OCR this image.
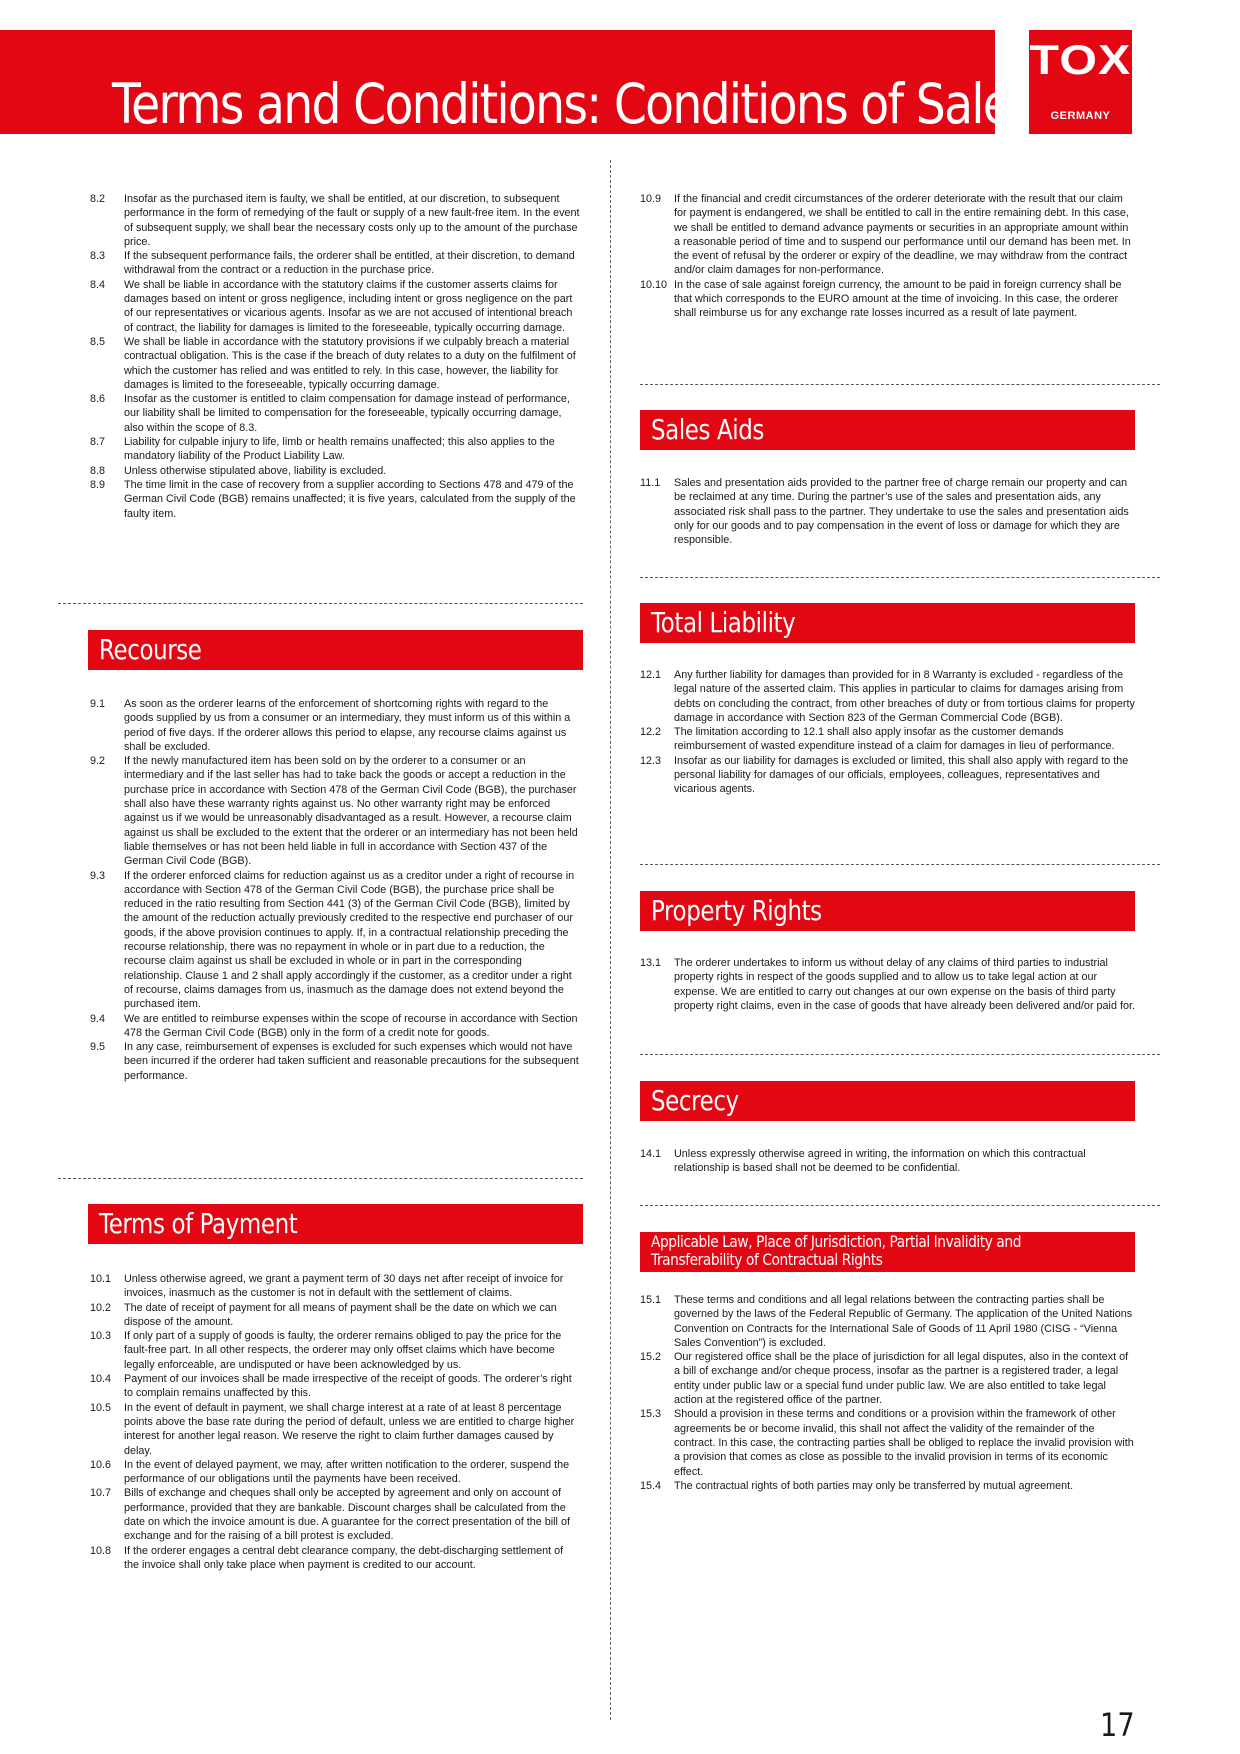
Terms and Conditions: Conditions of Sale
TOX
GERMANY
8.2	Insofar as the purchased item is faulty, we shall be entitled, at our discretion, to subsequent performance in the form of remedying of the fault or supply of a new fault-free item. In the event of subsequent supply, we shall bear the necessary costs only up to the amount of the purchase price.
8.3	If the subsequent performance fails, the orderer shall be entitled, at their discretion, to demand withdrawal from the contract or a reduction in the purchase price.
8.4	We shall be liable in accordance with the statutory claims if the customer asserts claims for damages based on intent or gross negligence, including intent or gross negligence on the part of our representatives or vicarious agents. Insofar as we are not accused of intentional breach of contract, the liability for damages is limited to the foreseeable, typically occurring damage.
8.5	We shall be liable in accordance with the statutory provisions if we culpably breach a material contractual obligation. This is the case if the breach of duty relates to a duty on the fulfilment of which the customer has relied and was entitled to rely. In this case, however, the liability for damages is limited to the foreseeable, typically occurring damage.
8.6	Insofar as the customer is entitled to claim compensation for damage instead of performance, our liability shall be limited to compensation for the foreseeable, typically occurring damage, also within the scope of 8.3.
8.7	Liability for culpable injury to life, limb or health remains unaffected; this also applies to the mandatory liability of the Product Liability Law.
8.8	Unless otherwise stipulated above, liability is excluded.
8.9	The time limit in the case of recovery from a supplier according to Sections 478 and 479 of the German Civil Code (BGB) remains unaffected; it is five years, calculated from the supply of the faulty item.
Recourse
9.1	As soon as the orderer learns of the enforcement of shortcoming rights with regard to the goods supplied by us from a consumer or an intermediary, they must inform us of this within a period of five days. If the orderer allows this period to elapse, any recourse claims against us shall be excluded.
9.2	If the newly manufactured item has been sold on by the orderer to a consumer or an intermediary and if the last seller has had to take back the goods or accept a reduction in the purchase price in accordance with Section 478 of the German Civil Code (BGB), the purchaser shall also have these warranty rights against us. No other warranty right may be enforced against us if we would be unreasonably disadvantaged as a result. However, a recourse claim against us shall be excluded to the extent that the orderer or an intermediary has not been held liable themselves or has not been held liable in full in accordance with Section 437 of the German Civil Code (BGB).
9.3	If the orderer enforced claims for reduction against us as a creditor under a right of recourse in accordance with Section 478 of the German Civil Code (BGB), the purchase price shall be reduced in the ratio resulting from Section 441 (3) of the German Civil Code (BGB), limited by the amount of the reduction actually previously credited to the respective end purchaser of our goods, if the above provision continues to apply. If, in a contractual relationship preceding the recourse relationship, there was no repayment in whole or in part due to a reduction, the recourse claim against us shall be excluded in whole or in part in the corresponding relationship. Clause 1 and 2 shall apply accordingly if the customer, as a creditor under a right of recourse, claims damages from us, inasmuch as the damage does not extend beyond the purchased item.
9.4	We are entitled to reimburse expenses within the scope of recourse in accordance with Section 478 the German Civil Code (BGB) only in the form of a credit note for goods.
9.5	In any case, reimbursement of expenses is excluded for such expenses which would not have been incurred if the orderer had taken sufficient and reasonable precautions for the subsequent performance.
Terms of Payment
10.1	Unless otherwise agreed, we grant a payment term of 30 days net after receipt of invoice for invoices, inasmuch as the customer is not in default with the settlement of claims.
10.2	The date of receipt of payment for all means of payment shall be the date on which we can dispose of the amount.
10.3	If only part of a supply of goods is faulty, the orderer remains obliged to pay the price for the fault-free part. In all other respects, the orderer may only offset claims which have become legally enforceable, are undisputed or have been acknowledged by us.
10.4	Payment of our invoices shall be made irrespective of the receipt of goods. The orderer’s right to complain remains unaffected by this.
10.5	In the event of default in payment, we shall charge interest at a rate of at least 8 percentage points above the base rate during the period of default, unless we are entitled to charge higher interest for another legal reason. We reserve the right to claim further damages caused by delay.
10.6	In the event of delayed payment, we may, after written notification to the orderer, suspend the performance of our obligations until the payments have been received.
10.7	Bills of exchange and cheques shall only be accepted by agreement and only on account of performance, provided that they are bankable. Discount charges shall be calculated from the date on which the invoice amount is due. A guarantee for the correct presentation of the bill of exchange and for the raising of a bill protest is excluded.
10.8	If the orderer engages a central debt clearance company, the debt-discharging settlement of the invoice shall only take place when payment is credited to our account.
10.9	If the financial and credit circumstances of the orderer deteriorate with the result that our claim for payment is endangered, we shall be entitled to call in the entire remaining debt. In this case, we shall be entitled to demand advance payments or securities in an appropriate amount within a reasonable period of time and to suspend our performance until our demand has been met. In the event of refusal by the orderer or expiry of the deadline, we may withdraw from the contract and/or claim damages for non-performance.
10.10 In the case of sale against foreign currency, the amount to be paid in foreign currency shall be that which corresponds to the EURO amount at the time of invoicing. In this case, the orderer shall reimburse us for any exchange rate losses incurred as a result of late payment.
Sales Aids
11.1	Sales and presentation aids provided to the partner free of charge remain our property and can be reclaimed at any time. During the partner’s use of the sales and presentation aids, any associated risk shall pass to the partner. They undertake to use the sales and presentation aids only for our goods and to pay compensation in the event of loss or damage for which they are responsible.
Total Liability
12.1	Any further liability for damages than provided for in 8 Warranty is excluded - regardless of the legal nature of the asserted claim. This applies in particular to claims for damages arising from debts on concluding the contract, from other breaches of duty or from tortious claims for property damage in accordance with Section 823 of the German Commercial Code (BGB).
12.2	The limitation according to 12.1 shall also apply insofar as the customer demands reimbursement of wasted expenditure instead of a claim for damages in lieu of performance.
12.3	Insofar as our liability for damages is excluded or limited, this shall also apply with regard to the personal liability for damages of our officials, employees, colleagues, representatives and vicarious agents.
Property Rights
13.1	The orderer undertakes to inform us without delay of any claims of third parties to industrial property rights in respect of the goods supplied and to allow us to take legal action at our expense. We are entitled to carry out changes at our own expense on the basis of third party property right claims, even in the case of goods that have already been delivered and/or paid for.
Secrecy
14.1	Unless expressly otherwise agreed in writing, the information on which this contractual relationship is based shall not be deemed to be confidential.
Applicable Law, Place of Jurisdiction, Partial Invalidity and Transferability of Contractual Rights
15.1	These terms and conditions and all legal relations between the contracting parties shall be governed by the laws of the Federal Republic of Germany. The application of the United Nations Convention on Contracts for the International Sale of Goods of 11 April 1980 (CISG - “Vienna Sales Convention”) is excluded.
15.2	Our registered office shall be the place of jurisdiction for all legal disputes, also in the context of a bill of exchange and/or cheque process, insofar as the partner is a registered trader, a legal entity under public law or a special fund under public law. We are also entitled to take legal action at the registered office of the partner.
15.3	Should a provision in these terms and conditions or a provision within the framework of other agreements be or become invalid, this shall not affect the validity of the remainder of the contract. In this case, the contracting parties shall be obliged to replace the invalid provision with a provision that comes as close as possible to the invalid provision in terms of its economic effect.
15.4	The contractual rights of both parties may only be transferred by mutual agreement.
17
